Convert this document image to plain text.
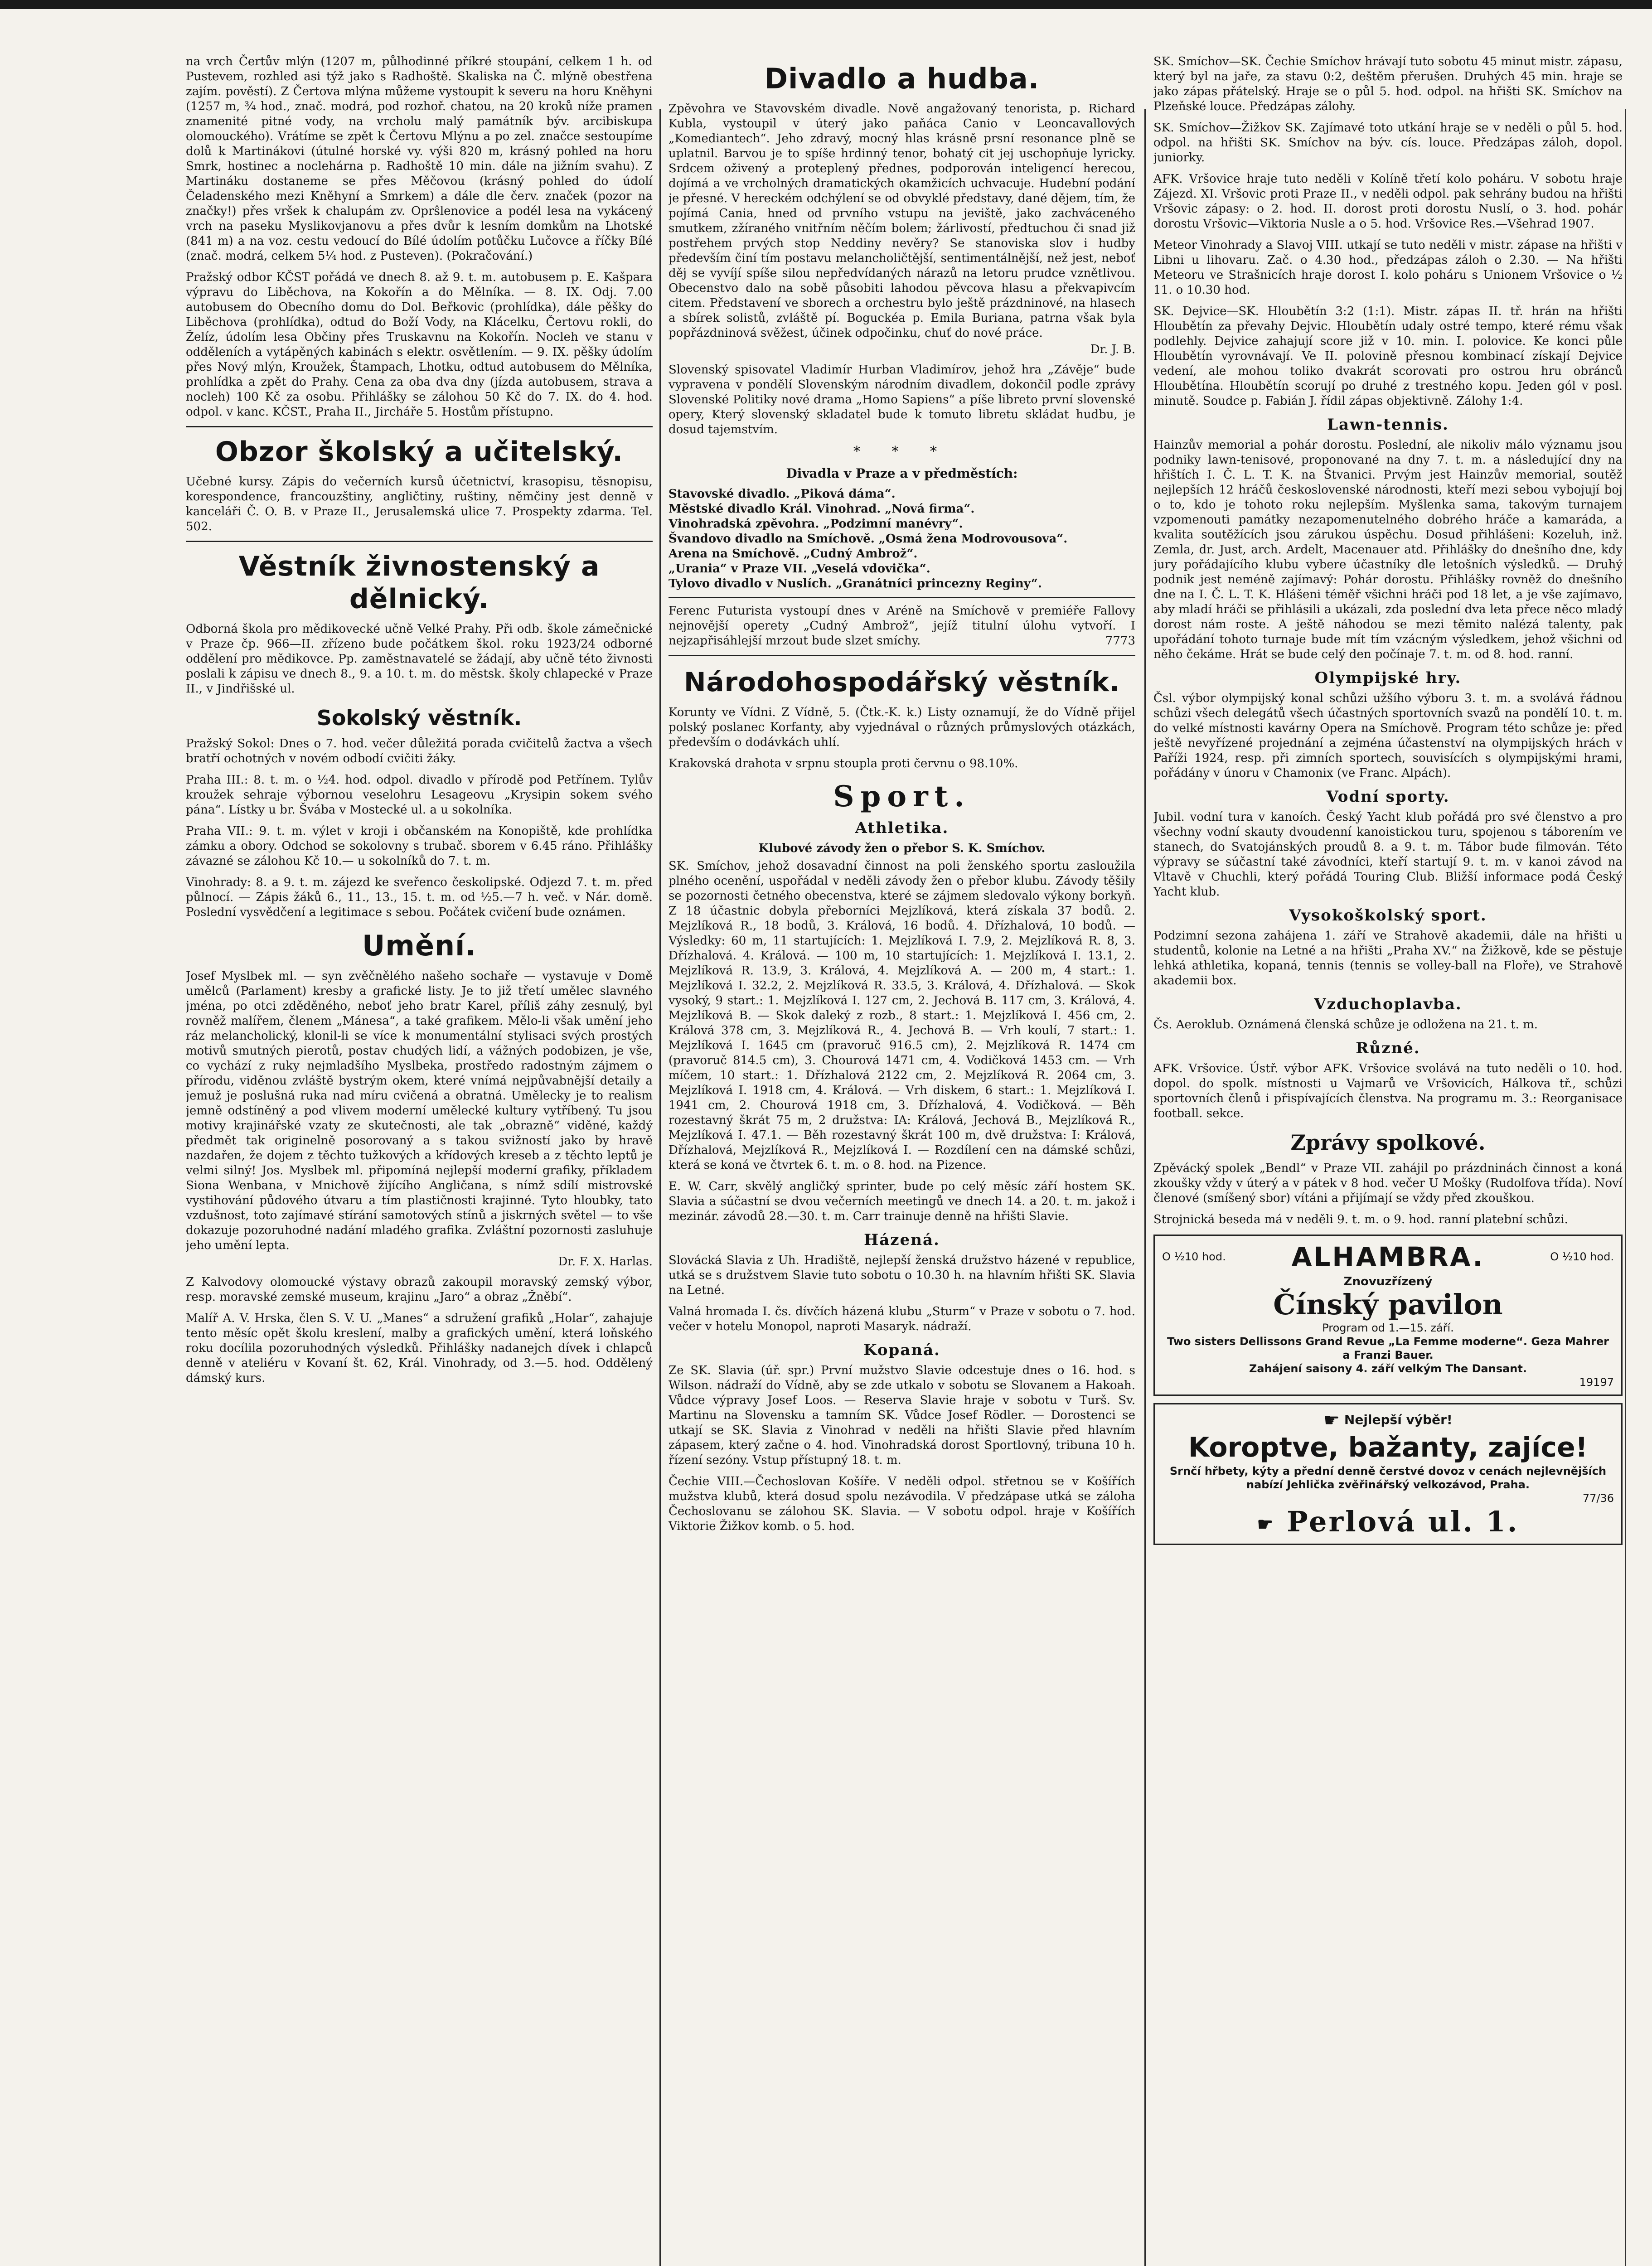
na vrch Čertův mlýn (1207 m, půlhodinné příkré stoupání, celkem 1 h. od Pustevem, rozhled asi týž jako s Radhoště. Skaliska na Č. mlýně obestřena zajím. pověstí). Z Čertova mlýna můžeme vystoupit k severu na horu Kněhyni (1257 m, ¾ hod., znač. modrá, pod rozhoř. chatou, na 20 kroků níže pramen znamenité pitné vody, na vrcholu malý památník býv. arcibiskupa olomouckého). Vrátíme se zpět k Čertovu Mlýnu a po zel. značce sestoupíme dolů k Martinákovi (útulné horské vy. výši 820 m, krásný pohled na horu Smrk, hostinec a noclehárna p. Radhoště 10 min. dále na jižním svahu). Z Martináku dostaneme se přes Měčovou (krásný pohled do údolí Čeladenského mezi Kněhyní a Smrkem) a dále dle červ. značek (pozor na značky!) přes vršek k chalupám zv. Oprŝlenovice a podél lesa na vykácený vrch na paseku Myslikovjanovu a přes dvůr k lesním domkům na Lhotské (841 m) a na voz. cestu vedoucí do Bílé údolím potůčku Lučovce a říčky Bílé (znač. modrá, celkem 5¼ hod. z Pusteven). (Pokračování.)

Pražský odbor KČST pořádá ve dnech 8. až 9. t. m. autobusem p. E. Kašpara výpravu do Liběchova, na Kokořín a do Mělníka. — 8. IX. Odj. 7.00 autobusem do Obecního domu do Dol. Beřkovic (prohlídka), dále pěšky do Liběchova (prohlídka), odtud do Boží Vody, na Klácelku, Čertovu rokli, do Želíz, údolím lesa Občiny přes Truskavnu na Kokořín. Nocleh ve stanu v odděleních a vytápěných kabinách s elektr. osvětlením. — 9. IX. pěšky údolím přes Nový mlýn, Kroužek, Štampach, Lhotku, odtud autobusem do Mělníka, prohlídka a zpět do Prahy. Cena za oba dva dny (jízda autobusem, strava a nocleh) 100 Kč za osobu. Přihlášky se zálohou 50 Kč do 7. IX. do 4. hod. odpol. v kanc. KČST., Praha II., Jircháře 5. Hostům přístupno.

Obzor školský a učitelský.

Učebné kursy. Zápis do večerních kursů účetnictví, krasopisu, těsnopisu, korespondence, francouzštiny, angličtiny, ruštiny, němčiny jest denně v kanceláři Č. O. B. v Praze II., Jerusalemská ulice 7. Prospekty zdarma. Tel. 502.

Věstník živnostenský a dělnický.

Odborná škola pro mědikovecké učně Velké Prahy. Při odb. škole zámečnické v Praze čp. 966—II. zřízeno bude počátkem škol. roku 1923/24 odborné oddělení pro mědikovce. Pp. zaměstnavatelé se žádají, aby učně této živnosti poslali k zápisu ve dnech 8., 9. a 10. t. m. do městsk. školy chlapecké v Praze II., v Jindřišské ul.

Sokolský věstník.

Pražský Sokol: Dnes o 7. hod. večer důležitá porada cvičitelů žactva a všech bratří ochotných v novém odbodí cvičiti žáky.

Praha III.: 8. t. m. o ½4. hod. odpol. divadlo v přírodě pod Petřínem. Tylův kroužek sehraje výbornou veselohru Lesageovu „Krysipin sokem svého pána“. Lístky u br. Švába v Mostecké ul. a u sokolníka.

Praha VII.: 9. t. m. výlet v kroji i občanském na Konopiště, kde prohlídka zámku a obory. Odchod se sokolovny s trubač. sborem v 6.45 ráno. Přihlášky závazné se zálohou Kč 10.— u sokolníků do 7. t. m.

Vinohrady: 8. a 9. t. m. zájezd ke sveřenco českolipské. Odjezd 7. t. m. před půlnocí. — Zápis žáků 6., 11., 13., 15. t. m. od ½5.—7 h. več. v Nár. domě. Poslední vysvědčení a legitimace s sebou. Počátek cvičení bude oznámen.

Umění.

Josef Myslbek ml. — syn zvěčnělého našeho sochaře — vystavuje v Domě umělců (Parlament) kresby a grafické listy. Je to již třetí umělec slavného jména, po otci zděděného, neboť jeho bratr Karel, příliš záhy zesnulý, byl rovněž malířem, členem „Mánesa“, a také grafikem. Mělo-li však umění jeho ráz melancholický, klonil-li se více k monumentální stylisaci svých prostých motivů smutných pierotů, postav chudých lidí, a vážných podobizen, je vše, co vychází z ruky nejmladšího Myslbeka, prostředo radostným zájmem o přírodu, viděnou zvláště bystrým okem, které vnímá nejpůvabnější detaily a jemuž je poslušná ruka nad míru cvičená a obratná. Umělecky je to realism jemně odstíněný a pod vlivem moderní umělecké kultury vytříbený. Tu jsou motivy krajinářské vzaty ze skutečnosti, ale tak „obrazně“ viděné, každý předmět tak originelně posorovaný a s takou svižností jako by hravě nazdařen, že dojem z těchto tužkových a křídových kreseb a z těchto leptů je velmi silný! Jos. Myslbek ml. připomíná nejlepší moderní grafiky, příkladem Siona Wenbana, v Mnichově žijícího Angličana, s nímž sdílí mistrovské vystihování půdového útvaru a tím plastičnosti krajinné. Tyto hloubky, tato vzdušnost, toto zajímavé stírání samotových stínů a jiskrných světel — to vše dokazuje pozoruhodné nadání mladého grafika. Zvláštní pozornosti zasluhuje jeho umění lepta.

Dr. F. X. Harlas.

Z Kalvodovy olomoucké výstavy obrazů zakoupil moravský zemský výbor, resp. moravské zemské museum, krajinu „Jaro“ a obraz „Žněbí“.

Malíř A. V. Hrska, člen S. V. U. „Manes“ a sdružení grafiků „Holar“, zahajuje tento měsíc opět školu kreslení, malby a grafických umění, která loňského roku docílila pozoruhodných výsledků. Přihlášky nadanejch dívek i chlapců denně v ateliéru v Kovaní št. 62, Král. Vinohrady, od 3.—5. hod. Oddělený dámský kurs.

Divadlo a hudba.

Zpěvohra ve Stavovském divadle. Nově angažovaný tenorista, p. Richard Kubla, vystoupil v úterý jako paňáca Canio v Leoncavallových „Komediantech“. Jeho zdravý, mocný hlas krásně prsní resonance plně se uplatnil. Barvou je to spíše hrdinný tenor, bohatý cit jej uschopňuje lyricky. Srdcem oživený a proteplený přednes, podporován inteligencí herecou, dojímá a ve vrcholných dramatických okamžicích uchvacuje. Hudební podání je přesné. V hereckém odchýlení se od obvyklé představy, dané dějem, tím, že pojímá Cania, hned od prvního vstupu na jeviště, jako zachváceného smutkem, zžíraného vnitřním něčím bolem; žárlivostí, předtuchou či snad již postřehem prvých stop Neddiny nevěry? Se stanoviska slov i hudby především činí tím postavu melancholičtější, sentimentálnější, než jest, neboť děj se vyvíjí spíše silou nepředvídaných nárazů na letoru prudce vznětlivou. Obecenstvo dalo na sobě působiti lahodou pěvcova hlasu a překvapivcím citem. Představení ve sborech a orchestru bylo ještě prázdninové, na hlasech a sbírek solistů, zvláště pí. Boguckéa p. Emila Buriana, patrna však byla popřázdninová svěžest, účinek odpočinku, chuť do nové práce.

Dr. J. B.

Slovenský spisovatel Vladimír Hurban Vladimírov, jehož hra „Závěje“ bude vypravena v pondělí Slovenským národním divadlem, dokončil podle zprávy Slovenské Politiky nové drama „Homo Sapiens“ a píše libreto první slovenské opery, Který slovenský skladatel bude k tomuto libretu skládat hudbu, je dosud tajemstvím.

* * *
Divadla v Praze a v předměstích:

Stavovské divadlo. „Piková dáma“.

Městské divadlo Král. Vinohrad. „Nová firma“.

Vinohradská zpěvohra. „Podzimní manévry“.

Švandovo divadlo na Smíchově. „Osmá žena Modrovousova“.

Arena na Smíchově. „Cudný Ambrož“.

„Urania“ v Praze VII. „Veselá vdovička“.

Tylovo divadlo v Nuslích. „Granátníci princezny Reginy“.

Ferenc Futurista vystoupí dnes v Aréně na Smíchově v premiéře Fallovy nejnovější operety „Cudný Ambrož“, jejíž titulní úlohu vytvoří. I nejzapřisáhlejší mrzout bude slzet smíchy.	7773

Národohospodářský věstník.

Korunty ve Vídni. Z Vídně, 5. (Čtk.-K. k.) Listy oznamují, že do Vídně přijel polský poslanec Korfanty, aby vyjednával o různých průmyslových otázkách, především o dodávkách uhlí.

Krakovská drahota v srpnu stoupla proti červnu o 98.10%.

Sport.
Athletika.

Klubové závody žen o přebor S. K. Smíchov.

SK. Smíchov, jehož dosavadní činnost na poli ženského sportu zasloužila plného ocenění, uspořádal v neděli závody žen o přebor klubu. Závody těšily se pozornosti četného obecenstva, které se zájmem sledovalo výkony borkyň. Z 18 účastnic dobyla přeborníci Mejzlíková, která získala 37 bodů. 2. Mejzlíková R., 18 bodů, 3. Králová, 16 bodů. 4. Dřízhalová, 10 bodů. — Výsledky: 60 m, 11 startujících: 1. Mejzlíková I. 7.9, 2. Mejzlíková R. 8, 3. Dřízhalová. 4. Králová. — 100 m, 10 startujících: 1. Mejzlíková I. 13.1, 2. Mejzlíková R. 13.9, 3. Králová, 4. Mejzlíková A. — 200 m, 4 start.: 1. Mejzlíková I. 32.2, 2. Mejzlíková R. 33.5, 3. Králová, 4. Dřízhalová. — Skok vysoký, 9 start.: 1. Mejzlíková I. 127 cm, 2. Jechová B. 117 cm, 3. Králová, 4. Mejzlíková B. — Skok daleký z rozb., 8 start.: 1. Mejzlíková I. 456 cm, 2. Králová 378 cm, 3. Mejzlíková R., 4. Jechová B. — Vrh koulí, 7 start.: 1. Mejzlíková I. 1645 cm (pravoruč 916.5 cm), 2. Mejzlíková R. 1474 cm (pravoruč 814.5 cm), 3. Chourová 1471 cm, 4. Vodičková 1453 cm. — Vrh míčem, 10 start.: 1. Dřízhalová 2122 cm, 2. Mejzlíková R. 2064 cm, 3. Mejzlíková I. 1918 cm, 4. Králová. — Vrh diskem, 6 start.: 1. Mejzlíková I. 1941 cm, 2. Chourová 1918 cm, 3. Dřízhalová, 4. Vodičková. — Běh rozestavný škrát 75 m, 2 družstva: IA: Králová, Jechová B., Mejzlíková R., Mejzlíková I. 47.1. — Běh rozestavný škrát 100 m, dvě družstva: I: Králová, Dřízhalová, Mejzlíková R., Mejzlíková I. — Rozdílení cen na dámské schůzi, která se koná ve čtvrtek 6. t. m. o 8. hod. na Pizence.

E. W. Carr, skvělý angličký sprinter, bude po celý měsíc září hostem SK. Slavia a súčastní se dvou večerních meetingů ve dnech 14. a 20. t. m. jakož i mezinár. závodů 28.—30. t. m. Carr trainuje denně na hřišti Slavie.

Házená.

Slovácká Slavia z Uh. Hradiště, nejlepší ženská družstvo házené v republice, utká se s družstvem Slavie tuto sobotu o 10.30 h. na hlavním hřišti SK. Slavia na Letné.

Valná hromada I. čs. dívčích házená klubu „Sturm“ v Praze v sobotu o 7. hod. večer v hotelu Monopol, naproti Masaryk. nádraží.

Kopaná.

Ze SK. Slavia (úř. spr.) První mužstvo Slavie odcestuje dnes o 16. hod. s Wilson. nádraží do Vídně, aby se zde utkalo v sobotu se Slovanem a Hakoah. Vůdce výpravy Josef Loos. — Reserva Slavie hraje v sobotu v Turš. Sv. Martinu na Slovensku a tamním SK. Vůdce Josef Rödler. — Dorostenci se utkají se SK. Slavia z Vinohrad v neděli na hřišti Slavie před hlavním zápasem, který začne o 4. hod. Vinohradská dorost Sportlovný, tribuna 10 h. řízení sezóny. Vstup přístupný 18. t. m.

Čechie VIII.—Čechoslovan Košíře. V neděli odpol. střetnou se v Košířích mužstva klubů, která dosud spolu nezávodila. V předzápase utká se záloha Čechoslovanu se zálohou SK. Slavia. — V sobotu odpol. hraje v Košířích Viktorie Žižkov komb. o 5. hod.

SK. Smíchov—SK. Čechie Smíchov hrávají tuto sobotu 45 minut mistr. zápasu, který byl na jaře, za stavu 0:2, deštěm přerušen. Druhých 45 min. hraje se jako zápas přátelský. Hraje se o půl 5. hod. odpol. na hřišti SK. Smíchov na Plzeňské louce. Předzápas zálohy.

SK. Smíchov—Žižkov SK. Zajímavé toto utkání hraje se v neděli o půl 5. hod. odpol. na hřišti SK. Smíchov na býv. cís. louce. Předzápas záloh, dopol. juniorky.

AFK. Vršovice hraje tuto neděli v Kolíně třetí kolo poháru. V sobotu hraje Zájezd. XI. Vršovic proti Praze II., v neděli odpol. pak sehrány budou na hřišti Vršovic zápasy: o 2. hod. II. dorost proti dorostu Nuslí, o 3. hod. pohár dorostu Vršovic—Viktoria Nusle a o 5. hod. Vršovice Res.—Všehrad 1907.

Meteor Vinohrady a Slavoj VIII. utkají se tuto neděli v mistr. zápase na hřišti v Libni u lihovaru. Zač. o 4.30 hod., předzápas záloh o 2.30. — Na hřišti Meteoru ve Strašnicích hraje dorost I. kolo poháru s Unionem Vršovice o ½ 11. o 10.30 hod.

SK. Dejvice—SK. Hloubětín 3:2 (1:1). Mistr. zápas II. tř. hrán na hřišti Hloubětín za převahy Dejvic. Hloubětín udaly ostré tempo, které rému však podlehly. Dejvice zahajují score již v 10. min. I. polovice. Ke konci půle Hloubětín vyrovnávají. Ve II. polovině přesnou kombinací získají Dejvice vedení, ale mohou toliko dvakrát scorovati pro ostrou hru obránců Hloubětína. Hloubětín scorují po druhé z trestného kopu. Jeden gól v posl. minutě. Soudce p. Fabián J. řídil zápas objektivně. Zálohy 1:4.

Lawn-tennis.

Hainzův memorial a pohár dorostu. Poslední, ale nikoliv málo významu jsou podniky lawn-tenisové, proponované na dny 7. t. m. a následující dny na hřištích I. Č. L. T. K. na Štvanici. Prvým jest Hainzův memorial, soutěž nejlepších 12 hráčů československé národnosti, kteří mezi sebou vybojují boj o to, kdo je tohoto roku nejlepším. Myšlenka sama, takovým turnajem vzpomenouti památky nezapomenutelného dobrého hráče a kamaráda, a kvalita soutěžících jsou zárukou úspěchu. Dosud přihlášeni: Kozeluh, inž. Zemla, dr. Just, arch. Ardelt, Macenauer atd. Přihlášky do dnešního dne, kdy jury pořádajícího klubu vybere účastníky dle letošních výsledků. — Druhý podnik jest neméně zajímavý: Pohár dorostu. Přihlášky rovněž do dnešního dne na I. Č. L. T. K. Hlášeni téměř všichni hráči pod 18 let, a je vše zajímavo, aby mladí hráči se přihlásili a ukázali, zda poslední dva leta přece něco mladý dorost nám roste. A ještě náhodou se mezi těmito nalézá talenty, pak upořádání tohoto turnaje bude mít tím vzácným výsledkem, jehož všichni od něho čekáme. Hrát se bude celý den počínaje 7. t. m. od 8. hod. ranní.

Olympijské hry.

Čsl. výbor olympijský konal schůzi užšího výboru 3. t. m. a svolává řádnou schůzi všech delegátů všech účastných sportovních svazů na pondělí 10. t. m. do velké místnosti kavárny Opera na Smíchově. Program této schůze je: před ještě nevyřízené projednání a zejména účastenství na olympijských hrách v Paříži 1924, resp. při zimních sportech, souvisících s olympijskými hrami, pořádány v únoru v Chamonix (ve Franc. Alpách).

Vodní sporty.

Jubil. vodní tura v kanoích. Český Yacht klub pořádá pro své členstvo a pro všechny vodní skauty dvoudenní kanoistickou turu, spojenou s táborením ve stanech, do Svatojánských proudů 8. a 9. t. m. Tábor bude filmován. Této výpravy se súčastní také závodníci, kteří startují 9. t. m. v kanoi závod na Vltavě v Chuchli, který pořádá Touring Club. Bližší informace podá Český Yacht klub.

Vysokoškolský sport.

Podzimní sezona zahájena 1. září ve Strahově akademii, dále na hřišti u studentů, kolonie na Letné a na hřišti „Praha XV.“ na Žižkově, kde se pěstuje lehká athletika, kopaná, tennis (tennis se volley-ball na Floře), ve Strahově akademii box.

Vzduchoplavba.

Čs. Aeroklub. Oznámená členská schůze je odložena na 21. t. m.

Různé.

AFK. Vršovice. Ústř. výbor AFK. Vršovice svolává na tuto neděli o 10. hod. dopol. do spolk. místnosti u Vajmarů ve Vršovicích, Hálkova tř., schůzi sportovních členů i přispívajících členstva. Na programu m. 3.: Reorganisace football. sekce.

Zprávy spolkové.

Zpěvácký spolek „Bendl“ v Praze VII. zahájil po prázdninách činnost a koná zkoušky vždy v úterý a v pátek v 8 hod. večer U Mošky (Rudolfova třída). Noví členové (smíšený sbor) vítáni a přijímají se vždy před zkouškou.

Strojnická beseda má v neděli 9. t. m. o 9. hod. ranní platební schůzi.

O ½10 hod. ALHAMBRA.	O ½10 hod.
Znovuzřízený
Čínský pavilon
Program od 1.—15. září.
Two sisters Dellissons Grand Revue „La Femme moderne“. Geza Mahrer a Franzi Bauer.
Zahájení saisony 4. září velkým The Dansant.
19197
☛ Nejlepší výběr!
Koroptve, bažanty, zajíce!
Srnčí hřbety, kýty a přední denně čerstvé dovoz v cenách nejlevnějších nabízí Jehlička zvěřinářský velkozávod, Praha.
77/36
☛ Perlová ul. 1.
